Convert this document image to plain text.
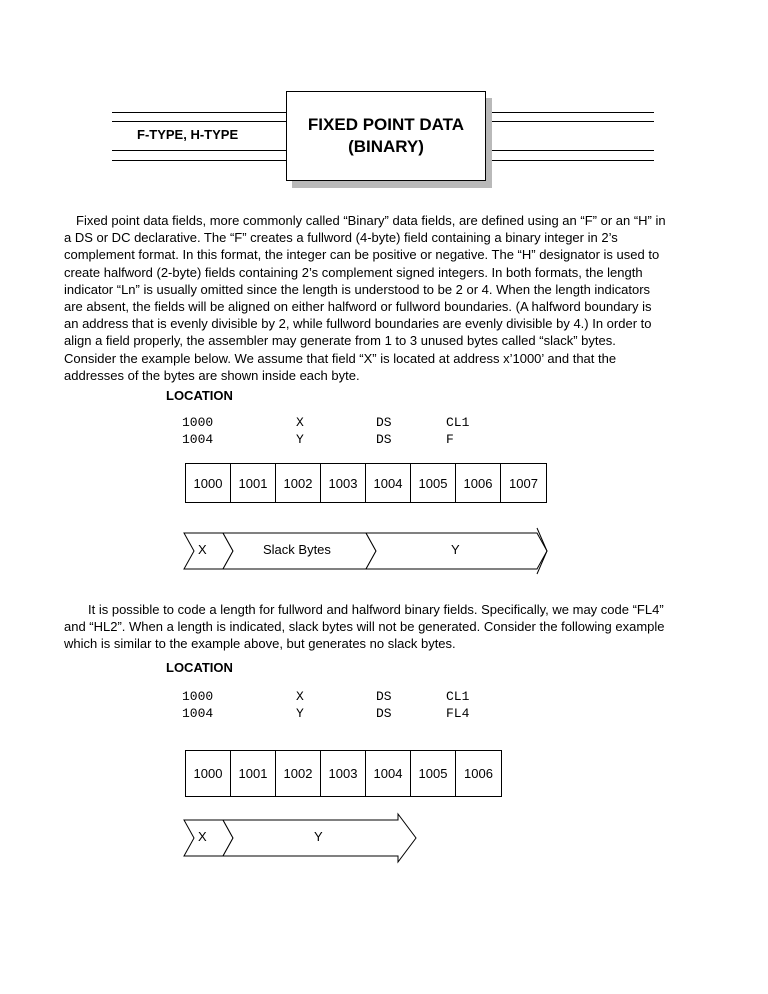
F-TYPE, H-TYPE
FIXED POINT DATA
(BINARY)

Fixed point data fields, more commonly called “Binary” data fields, are defined using an “F” or an “H” in a DS or DC declarative. The “F” creates a fullword (4-byte) field containing a binary integer in 2’s complement format. In this format, the integer can be positive or negative. The “H” designator is used to create halfword (2-byte) fields containing 2’s complement signed integers. In both formats, the length indicator “Ln” is usually omitted since the length is understood to be 2 or 4. When the length indicators are absent, the fields will be aligned on either halfword or fullword boundaries. (A halfword boundary is an address that is evenly divisible by 2, while fullword boundaries are evenly divisible by 4.) In order to align a field properly, the assembler may generate from 1 to 3 unused bytes called “slack” bytes. Consider the example below. We assume that field “X” is located at address x’1000’ and that the addresses of the bytes are shown inside each byte.

LOCATION
1000	X	DS	CL1
1004	Y	DS	F
1000	1001	1002	1003	1004	1005	1006	1007
X	Slack Bytes	Y

It is possible to code a length for fullword and halfword binary fields. Specifically, we may code “FL4” and “HL2”. When a length is indicated, slack bytes will not be generated. Consider the following example which is similar to the example above, but generates no slack bytes.

LOCATION
1000	X	DS	CL1
1004	Y	DS	FL4
1000	1001	1002	1003	1004	1005	1006
X	Y
